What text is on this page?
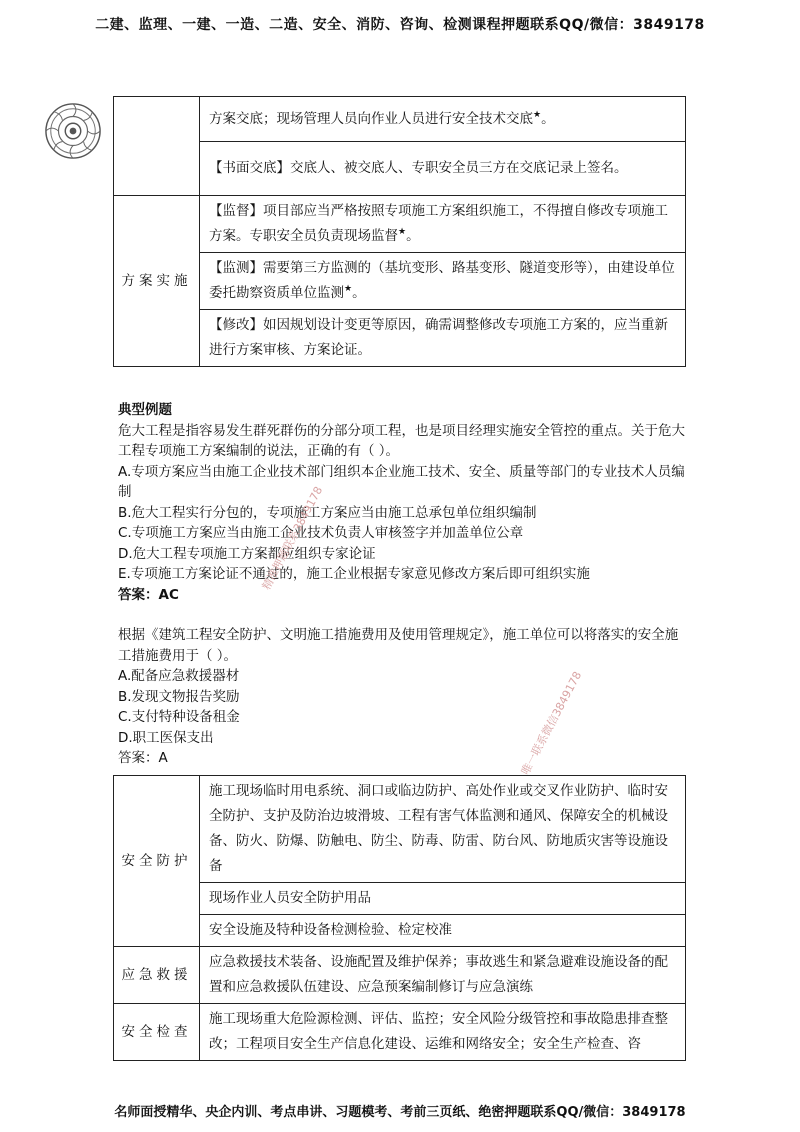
二建、监理、一建、一造、二造、安全、消防、咨询、检测课程押题联系QQ/微信：3849178
	方案交底；现场管理人员向作业人员进行安全技术交底★。
	【书面交底】交底人、被交底人、专职安全员三方在交底记录上签名。
方案实施	【监督】项目部应当严格按照专项施工方案组织施工，不得擅自修改专项施工方案。专职安全员负责现场监督★。
	【监测】需要第三方监测的（基坑变形、路基变形、隧道变形等），由建设单位委托勘察资质单位监测★。
	【修改】如因规划设计变更等原因，确需调整修改专项施工方案的，应当重新进行方案审核、方案论证。

典型例题

危大工程是指容易发生群死群伤的分部分项工程，也是项目经理实施安全管控的重点。关于危大工程专项施工方案编制的说法，正确的有（ ）。

A.专项方案应当由施工企业技术部门组织本企业施工技术、安全、质量等部门的专业技术人员编制

B.危大工程实行分包的，专项施工方案应当由施工总承包单位组织编制

C.专项施工方案应当由施工企业技术负责人审核签字并加盖单位公章

D.危大工程专项施工方案都应组织专家论证

E.专项施工方案论证不通过的，施工企业根据专家意见修改方案后即可组织实施

答案：AC

根据《建筑工程安全防护、文明施工措施费用及使用管理规定》，施工单位可以将落实的安全施工措施费用于（ ）。

A.配备应急救援器材

B.发现文物报告奖励

C.支付特种设备租金

D.职工医保支出

答案：A

安全防护	施工现场临时用电系统、洞口或临边防护、高处作业或交叉作业防护、临时安全防护、支护及防治边坡滑坡、工程有害气体监测和通风、保障安全的机械设备、防火、防爆、防触电、防尘、防毒、防雷、防台风、防地质灾害等设施设备
	现场作业人员安全防护用品
	安全设施及特种设备检测检验、检定校准
应急救援	应急救援技术装备、设施配置及维护保养；事故逃生和紧急避难设施设备的配置和应急救援队伍建设、应急预案编制修订与应急演练
安全检查	施工现场重大危险源检测、评估、监控；安全风险分级管控和事故隐患排查整改；工程项目安全生产信息化建设、运维和网络安全；安全生产检查、咨
精准押题联系3849178
唯一联系微信3849178
名师面授精华、央企内训、考点串讲、习题模考、考前三页纸、绝密押题联系QQ/微信：3849178
